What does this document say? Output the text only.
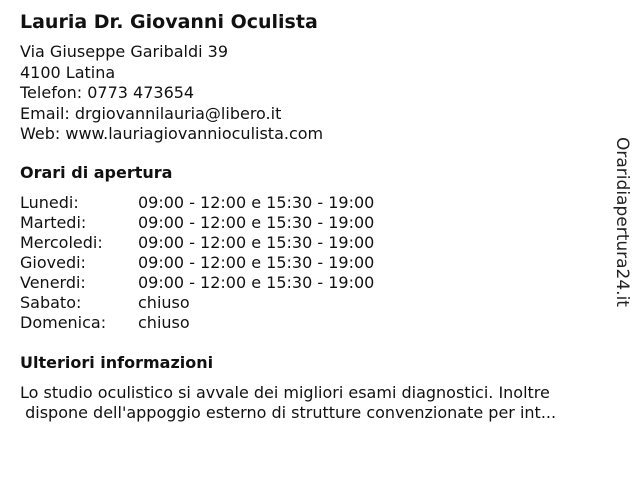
Lauria Dr. Giovanni Oculista
Via Giuseppe Garibaldi 39
4100 Latina
Telefon: 0773 473654
Email: drgiovannilauria@libero.it
Web: www.lauriagiovannioculista.com
Orari di apertura
Lunedi:	09:00 - 12:00 e 15:30 - 19:00
Martedi:	09:00 - 12:00 e 15:30 - 19:00
Mercoledi:	09:00 - 12:00 e 15:30 - 19:00
Giovedi:	09:00 - 12:00 e 15:30 - 19:00
Venerdi:	09:00 - 12:00 e 15:30 - 19:00
Sabato:	chiuso
Domenica:	chiuso
Ulteriori informazioni
Lo studio oculistico si avvale dei migliori esami diagnostici. Inoltre
dispone dell'appoggio esterno di strutture convenzionate per int...
Oraridiapertura24.it
